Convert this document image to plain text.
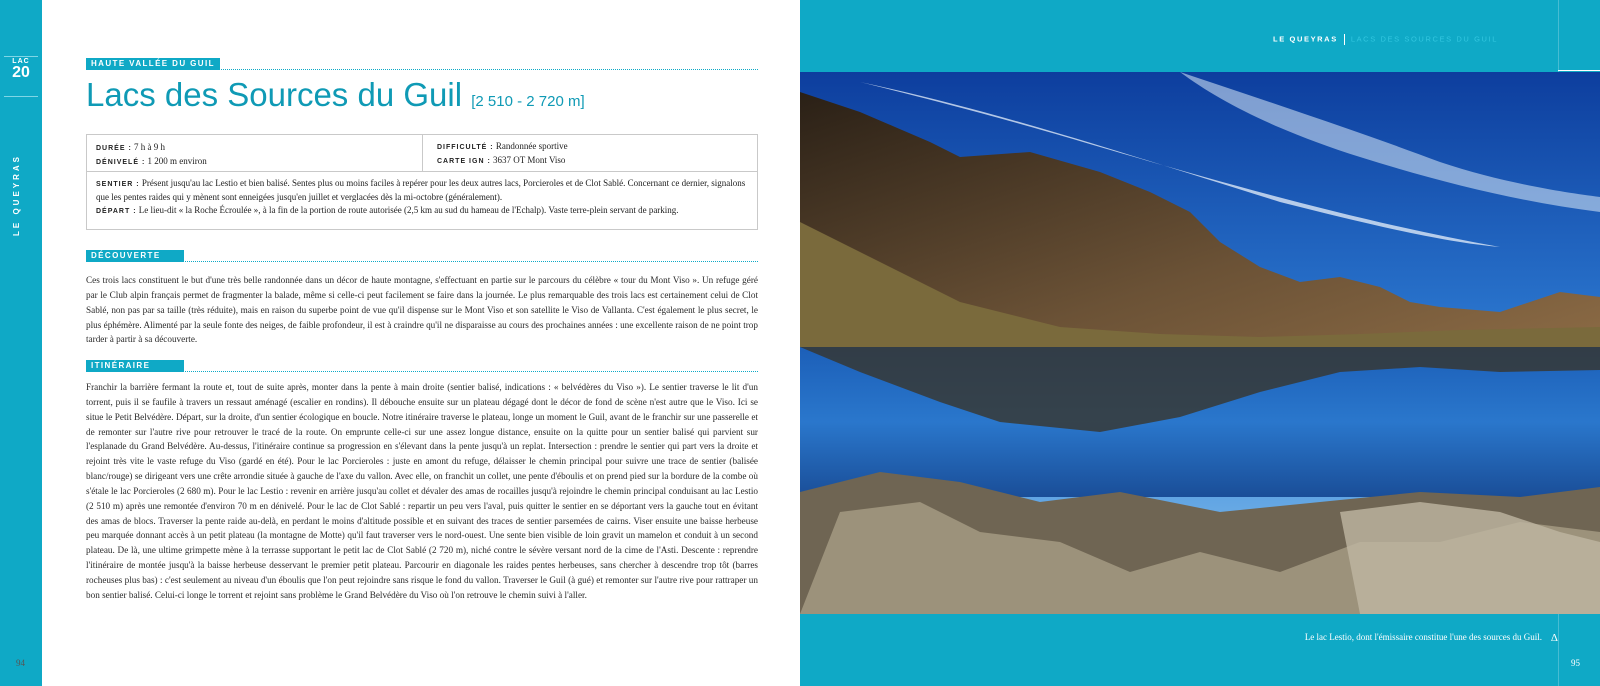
LAC
20
LE QUEYRAS
HAUTE VALLÉE DU GUIL
Lacs des Sources du Guil [2 510 - 2 720 m]
DURÉE : 7 h à 9 h
DÉNIVELÉ : 1 200 m environ
DIFFICULTÉ : Randonnée sportive
CARTE IGN : 3637 OT Mont Viso
SENTIER : Présent jusqu'au lac Lestio et bien balisé. Sentes plus ou moins faciles à repérer pour les deux autres lacs, Porcieroles et de Clot Sablé. Concernant ce dernier, signalons que les pentes raides qui y mènent sont enneigées jusqu'en juillet et verglacées dès la mi-octobre (généralement).
DÉPART : Le lieu-dit « la Roche Écroulée », à la fin de la portion de route autorisée (2,5 km au sud du hameau de l'Echalp). Vaste terre-plein servant de parking.
DÉCOUVERTE
Ces trois lacs constituent le but d'une très belle randonnée dans un décor de haute montagne, s'effectuant en partie sur le parcours du célèbre « tour du Mont Viso ». Un refuge géré par le Club alpin français permet de fragmenter la balade, même si celle-ci peut facilement se faire dans la journée. Le plus remarquable des trois lacs est certainement celui de Clot Sablé, non pas par sa taille (très réduite), mais en raison du superbe point de vue qu'il dispense sur le Mont Viso et son satellite le Viso de Vallanta. C'est également le plus secret, le plus éphémère. Alimenté par la seule fonte des neiges, de faible profondeur, il est à craindre qu'il ne disparaisse au cours des prochaines années : une excellente raison de ne point trop tarder à partir à sa découverte.
ITINÉRAIRE
Franchir la barrière fermant la route et, tout de suite après, monter dans la pente à main droite (sentier balisé, indications : « belvédères du Viso »). Le sentier traverse le lit d'un torrent, puis il se faufile à travers un ressaut aménagé (escalier en rondins). Il débouche ensuite sur un plateau dégagé dont le décor de fond de scène n'est autre que le Viso. Ici se situe le Petit Belvédère. Départ, sur la droite, d'un sentier écologique en boucle. Notre itinéraire traverse le plateau, longe un moment le Guil, avant de le franchir sur une passerelle et de remonter sur l'autre rive pour retrouver le tracé de la route. On emprunte celle-ci sur une assez longue distance, ensuite on la quitte pour un sentier balisé qui parvient sur l'esplanade du Grand Belvédère. Au-dessus, l'itinéraire continue sa progression en s'élevant dans la pente jusqu'à un replat. Intersection : prendre le sentier qui part vers la droite et rejoint très vite le vaste refuge du Viso (gardé en été). Pour le lac Porcieroles : juste en amont du refuge, délaisser le chemin principal pour suivre une trace de sentier (balisée blanc/rouge) se dirigeant vers une crête arrondie située à gauche de l'axe du vallon. Avec elle, on franchit un collet, une pente d'éboulis et on prend pied sur la bordure de la combe où s'étale le lac Porcieroles (2 680 m). Pour le lac Lestio : revenir en arrière jusqu'au collet et dévaler des amas de rocailles jusqu'à rejoindre le chemin principal conduisant au lac Lestio (2 510 m) après une remontée d'environ 70 m en dénivelé. Pour le lac de Clot Sablé : repartir un peu vers l'aval, puis quitter le sentier en se déportant vers la gauche tout en évitant des amas de blocs. Traverser la pente raide au-delà, en perdant le moins d'altitude possible et en suivant des traces de sentier parsemées de cairns. Viser ensuite une baisse herbeuse peu marquée donnant accès à un petit plateau (la montagne de Motte) qu'il faut traverser vers le nord-ouest. Une sente bien visible de loin gravit un mamelon et conduit à un second plateau. De là, une ultime grimpette mène à la terrasse supportant le petit lac de Clot Sablé (2 720 m), niché contre le sévère versant nord de la cime de l'Asti. Descente : reprendre l'itinéraire de montée jusqu'à la baisse herbeuse desservant le premier petit plateau. Parcourir en diagonale les raides pentes herbeuses, sans chercher à descendre trop tôt (barres rocheuses plus bas) : c'est seulement au niveau d'un éboulis que l'on peut rejoindre sans risque le fond du vallon. Traverser le Guil (à gué) et remonter sur l'autre rive pour rattraper un bon sentier balisé. Celui-ci longe le torrent et rejoint sans problème le Grand Belvédère du Viso où l'on retrouve le chemin suivi à l'aller.
94
LE QUEYRAS LACS DES SOURCES DU GUIL
Le lac Lestio, dont l'émissaire constitue l'une des sources du Guil. Δ
95
